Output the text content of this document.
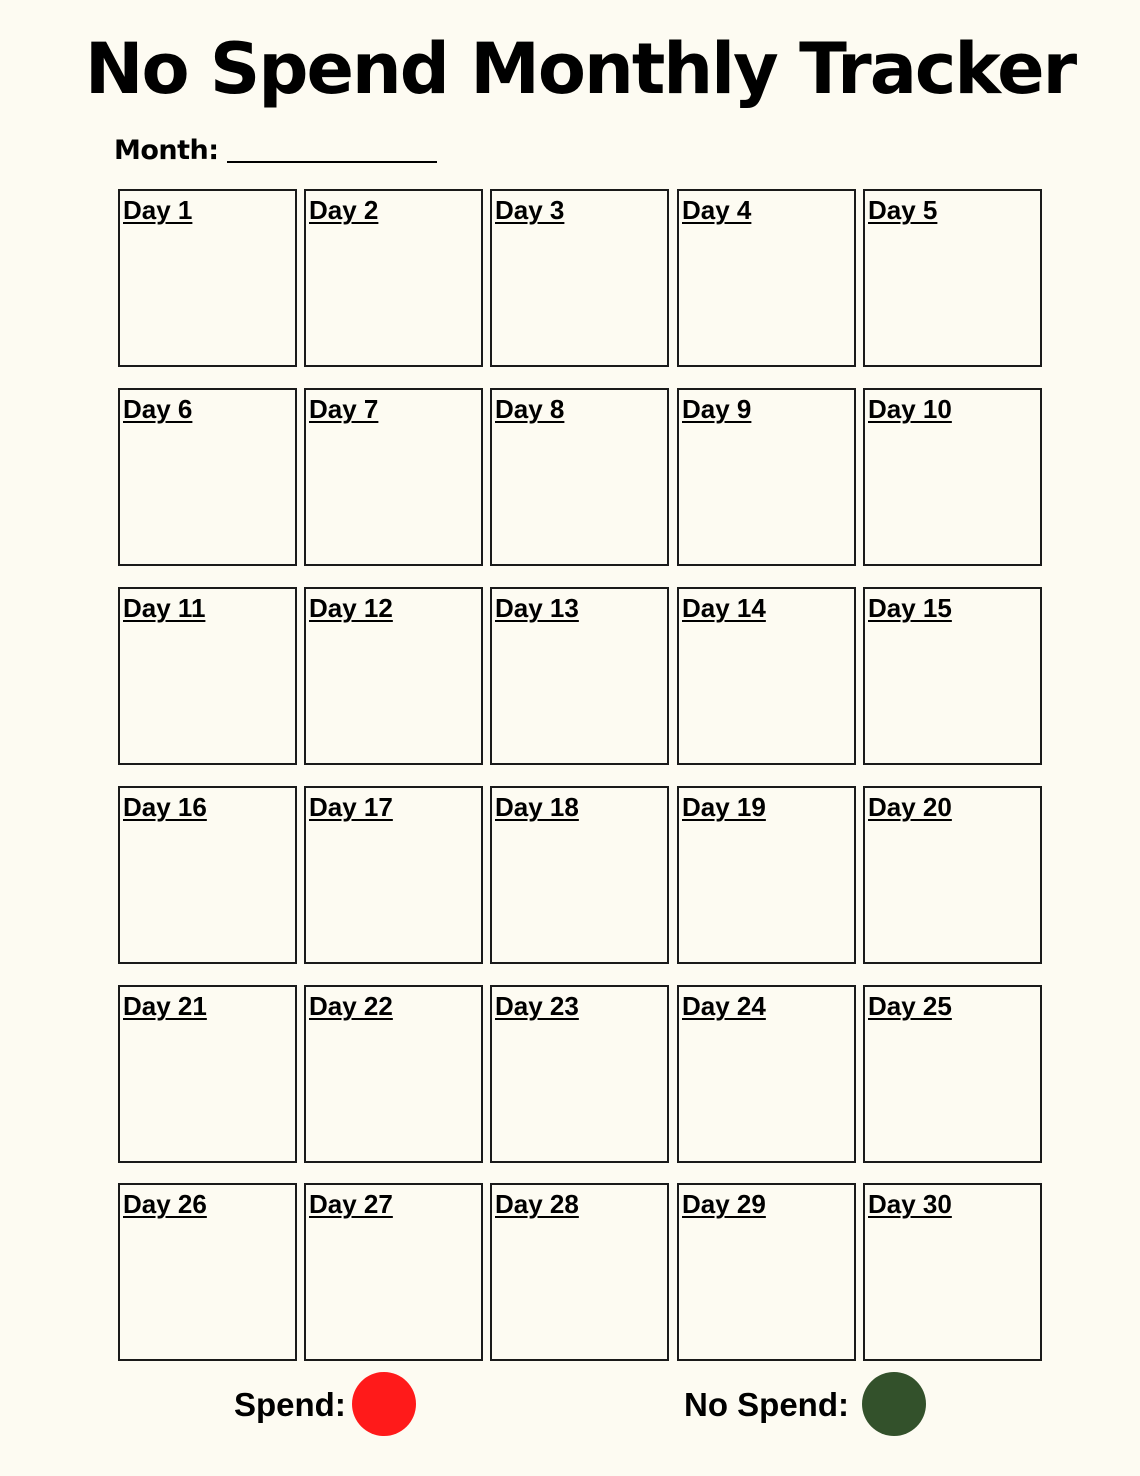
No Spend Monthly Tracker
Month:
Day 1	Day 2	Day 3	Day 4	Day 5
Day 6	Day 7	Day 8	Day 9	Day 10
Day 11	Day 12	Day 13	Day 14	Day 15
Day 16	Day 17	Day 18	Day 19	Day 20
Day 21	Day 22	Day 23	Day 24	Day 25
Day 26	Day 27	Day 28	Day 29	Day 30
Spend:	No Spend:
